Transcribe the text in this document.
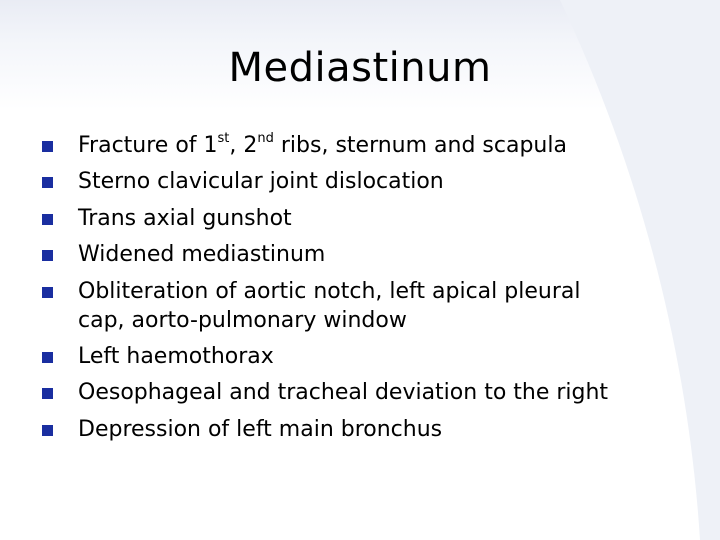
Mediastinum
Fracture of 1st, 2nd ribs, sternum and scapula
Sterno clavicular joint dislocation
Trans axial gunshot
Widened mediastinum
Obliteration of aortic notch, left apical pleural
cap, aorto-pulmonary window
Left haemothorax
Oesophageal and tracheal deviation to the right
Depression of left main bronchus
